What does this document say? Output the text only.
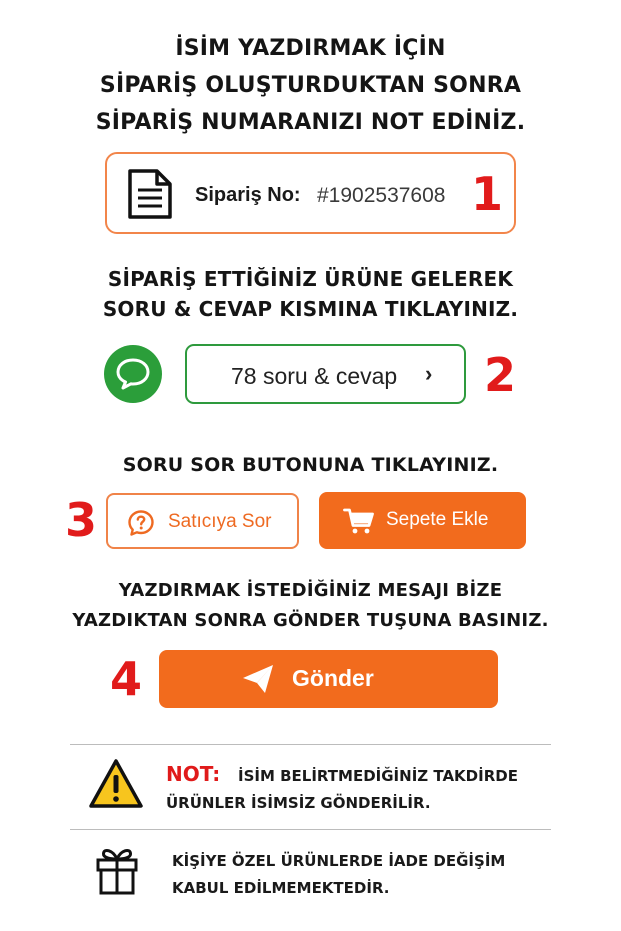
İSİM YAZDIRMAK İÇİN
SİPARİŞ OLUŞTURDUKTAN SONRA
SİPARİŞ NUMARANIZI NOT EDİNİZ.
Sipariş No: #1902537608 1
SİPARİŞ ETTİĞİNİZ ÜRÜNE GELEREK
SORU & CEVAP KISMINA TIKLAYINIZ.
78 soru & cevap › 2
SORU SOR BUTONUNA TIKLAYINIZ.
3	Satıcıya Sor	Sepete Ekle
YAZDIRMAK İSTEDİĞİNİZ MESAJI BİZE
YAZDIKTAN SONRA GÖNDER TUŞUNA BASINIZ.
4	Gönder
NOT: İSİM BELİRTMEDİĞİNİZ TAKDİRDE
ÜRÜNLER İSİMSİZ GÖNDERİLİR.
KİŞİYE ÖZEL ÜRÜNLERDE İADE DEĞİŞİM
KABUL EDİLMEMEKTEDİR.
